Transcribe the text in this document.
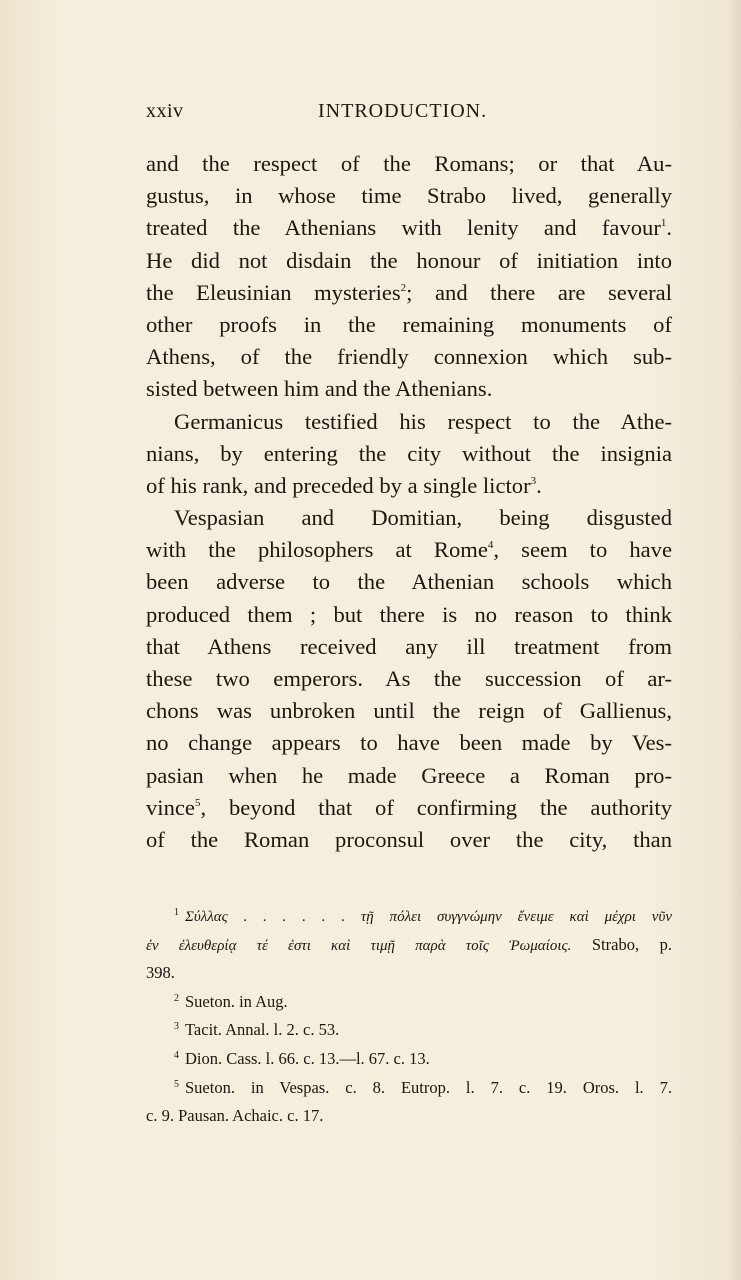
xxiv	INTRODUCTION.
and the respect of the Romans; or that Au-
gustus, in whose time Strabo lived, generally
treated the Athenians with lenity and favour$^1$.
He did not disdain the honour of initiation into
the Eleusinian mysteries$^2$; and there are several
other proofs in the remaining monuments of
Athens, of the friendly connexion which sub-
sisted between him and the Athenians.
Germanicus testified his respect to the Athe-
nians, by entering the city without the insignia
of his rank, and preceded by a single lictor$^3$.
Vespasian and Domitian, being disgusted
with the philosophers at Rome$^4$, seem to have
been adverse to the Athenian schools which
produced them ; but there is no reason to think
that Athens received any ill treatment from
these two emperors. As the succession of ar-
chons was unbroken until the reign of Gallienus,
no change appears to have been made by Ves-
pasian when he made Greece a Roman pro-
vince$^5$, beyond that of confirming the authority
of the Roman proconsul over the city, than
$^1$ Σύλλας . . . . . . τῇ πόλει συγγνώμην ἔνειμε καὶ μέχρι νῦν
ἐν ἐλευθερίᾳ τέ ἐστι καὶ τιμῇ παρὰ τοῖς Ῥωμαίοις. Strabo, p.
398.
$^2$ Sueton. in Aug.
$^3$ Tacit. Annal. l. 2. c. 53.
$^4$ Dion. Cass. l. 66. c. 13.—l. 67. c. 13.
$^5$ Sueton. in Vespas. c. 8. Eutrop. l. 7. c. 19. Oros. l. 7.
c. 9. Pausan. Achaic. c. 17.
